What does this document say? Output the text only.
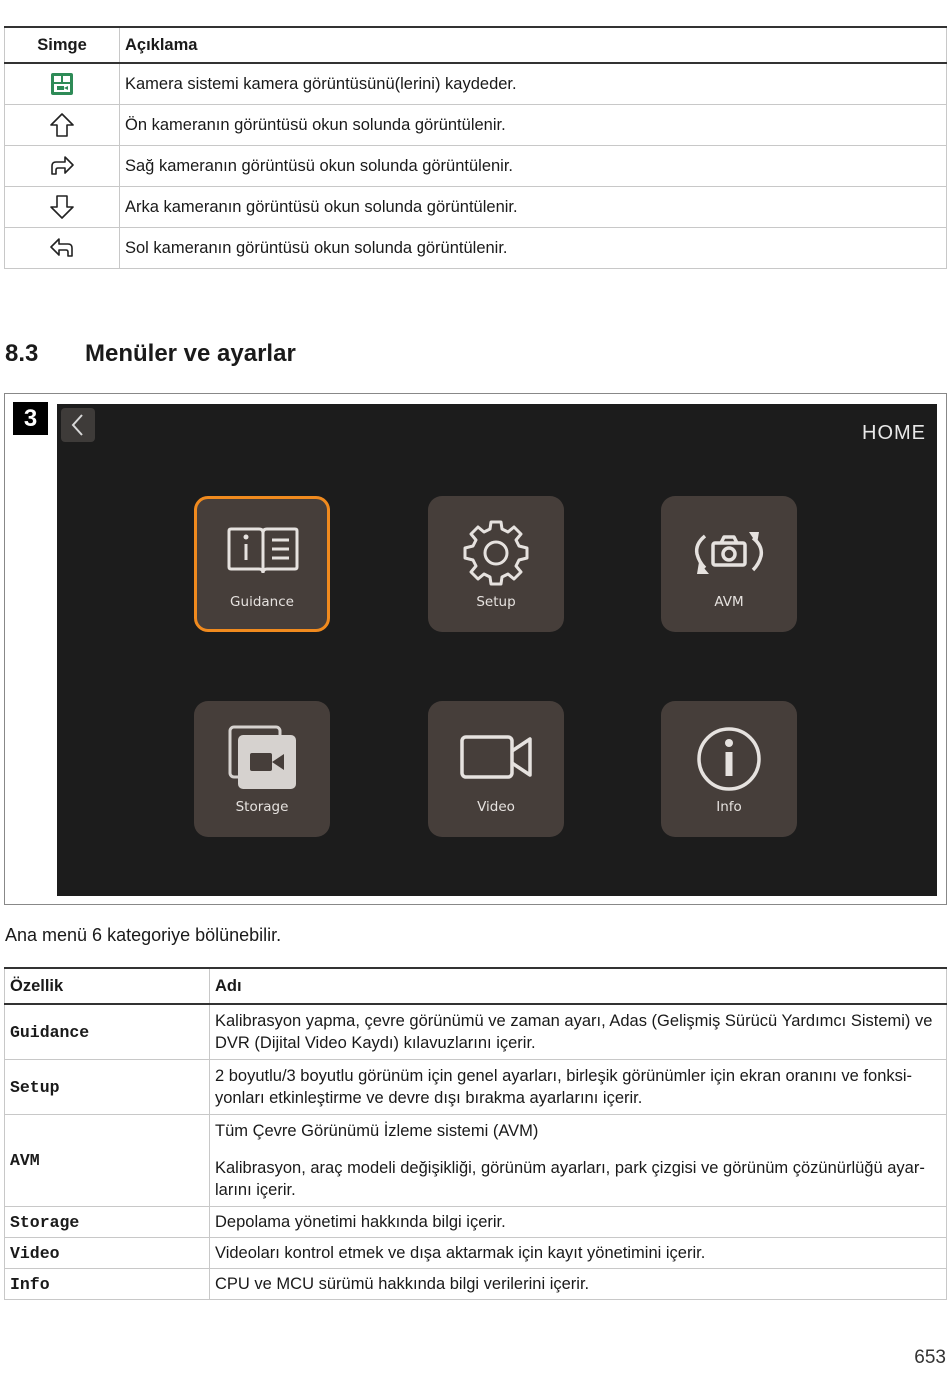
Simge	Açıklama

	Kamera sistemi kamera görüntüsünü(lerini) kaydeder.

	Ön kameranın görüntüsü okun solunda görüntülenir.

	Sağ kameranın görüntüsü okun solunda görüntülenir.

	Arka kameranın görüntüsü okun solunda görüntülenir.

	Sol kameranın görüntüsü okun solunda görüntülenir.
8.3 Menüler ve ayarlar
3
HOME
Guidance	Setup	AVM
Storage	Video	Info
Ana menü 6 kategoriye bölünebilir.
Özellik	Adı
Guidance	Kalibrasyon yapma, çevre görünümü ve zaman ayarı, Adas (Gelişmiş Sürücü Yardımcı Sistemi) ve DVR (Dijital Video Kaydı) kılavuzlarını içerir.

Setup	2 boyutlu/3 boyutlu görünüm için genel ayarları, birleşik görünümler için ekran oranını ve fonksi-yonları etkinleştirme ve devre dışı bırakma ayarlarını içerir.

AVM	Tüm Çevre Görünümü İzleme sistemi (AVM)

Kalibrasyon, araç modeli değişikliği, görünüm ayarları, park çizgisi ve görünüm çözünürlüğü ayar-larını içerir.

Storage	Depolama yönetimi hakkında bilgi içerir.

Video	Videoları kontrol etmek ve dışa aktarmak için kayıt yönetimini içerir.

Info	CPU ve MCU sürümü hakkında bilgi verilerini içerir.

653
